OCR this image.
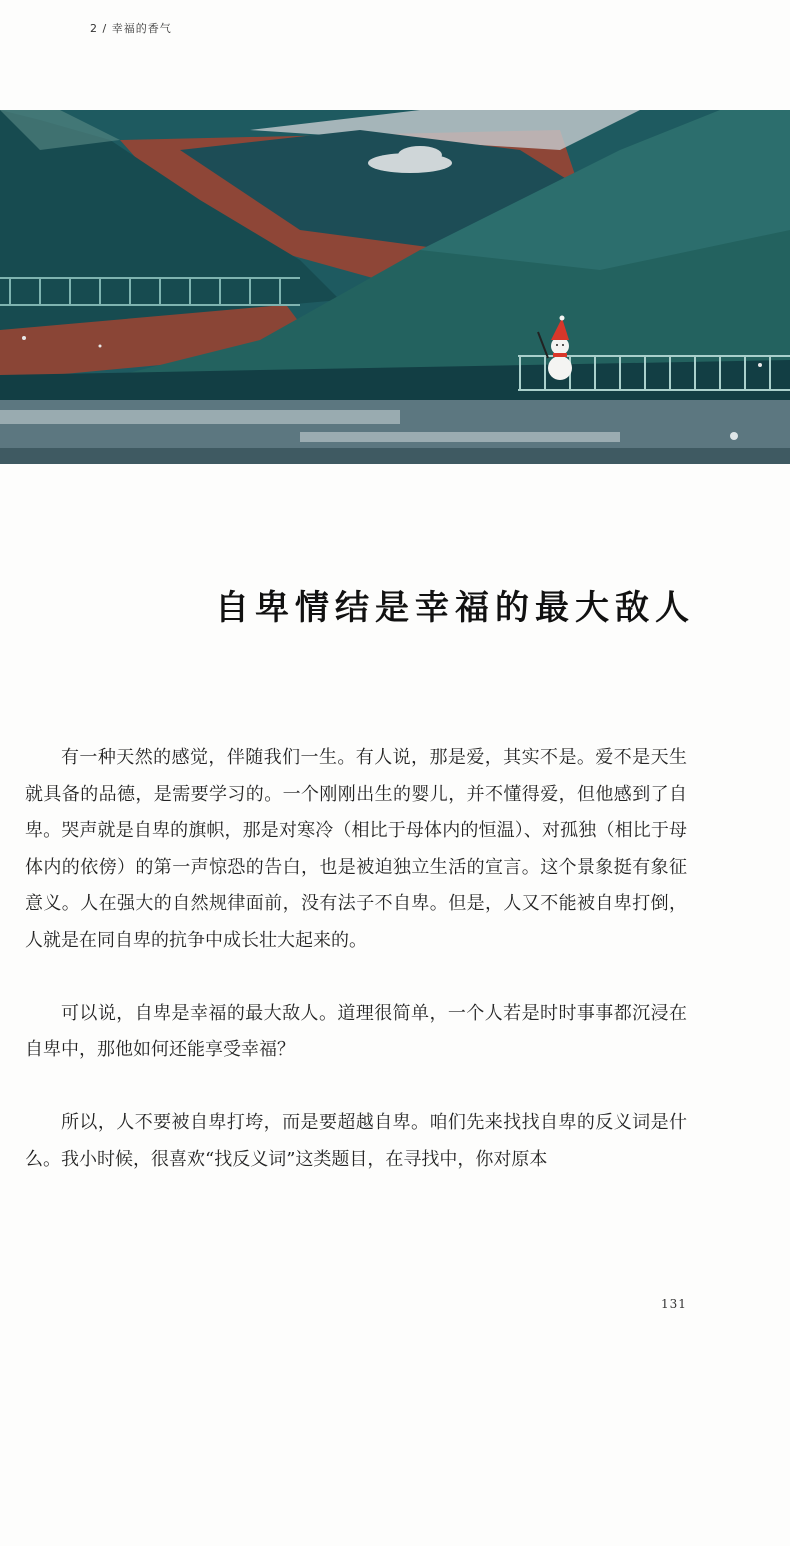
2 / 幸福的香气
自卑情结是幸福的最大敌人

有一种天然的感觉，伴随我们一生。有人说，那是爱，其实不是。爱不是天生就具备的品德，是需要学习的。一个刚刚出生的婴儿，并不懂得爱，但他感到了自卑。哭声就是自卑的旗帜，那是对寒冷（相比于母体内的恒温）、对孤独（相比于母体内的依傍）的第一声惊恐的告白，也是被迫独立生活的宣言。这个景象挺有象征意义。人在强大的自然规律面前，没有法子不自卑。但是，人又不能被自卑打倒，人就是在同自卑的抗争中成长壮大起来的。

可以说，自卑是幸福的最大敌人。道理很简单，一个人若是时时事事都沉浸在自卑中，那他如何还能享受幸福？

所以，人不要被自卑打垮，而是要超越自卑。咱们先来找找自卑的反义词是什么。我小时候，很喜欢“找反义词”这类题目，在寻找中，你对原本

131
